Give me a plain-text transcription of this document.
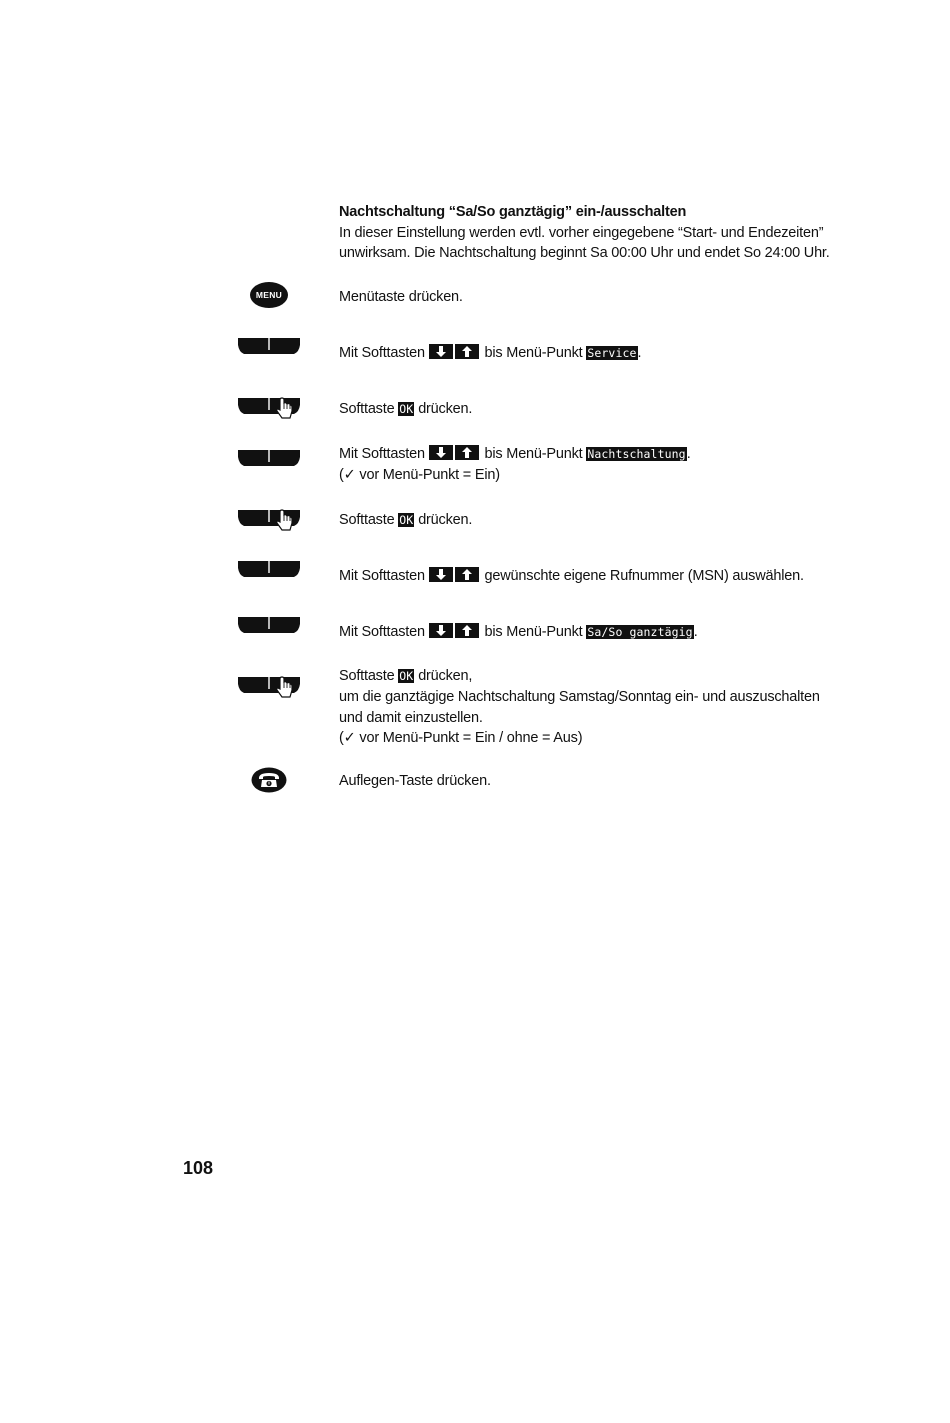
Nachtschaltung “Sa/So ganztägig” ein-/ausschalten
In dieser Einstellung werden evtl. vorher eingegebene “Start- und Endezeiten”
unwirksam. Die Nachtschaltung beginnt Sa 00:00 Uhr und endet So 24:00 Uhr.
MENU	Menütaste drücken.
Mit Softtasten	bis Menü-Punkt Service.
Softtaste OK drücken.
Mit Softtasten	bis Menü-Punkt Nachtschaltung.
(✓ vor Menü-Punkt = Ein)
Softtaste OK drücken.
Mit Softtasten	gewünschte eigene Rufnummer (MSN) auswählen.
Mit Softtasten	bis Menü-Punkt Sa/So ganztägig.
Softtaste OK drücken,
um die ganztägige Nachtschaltung Samstag/Sonntag ein- und auszuschalten
und damit einzustellen.
(✓ vor Menü-Punkt = Ein / ohne = Aus)
Auflegen-Taste drücken.
108
